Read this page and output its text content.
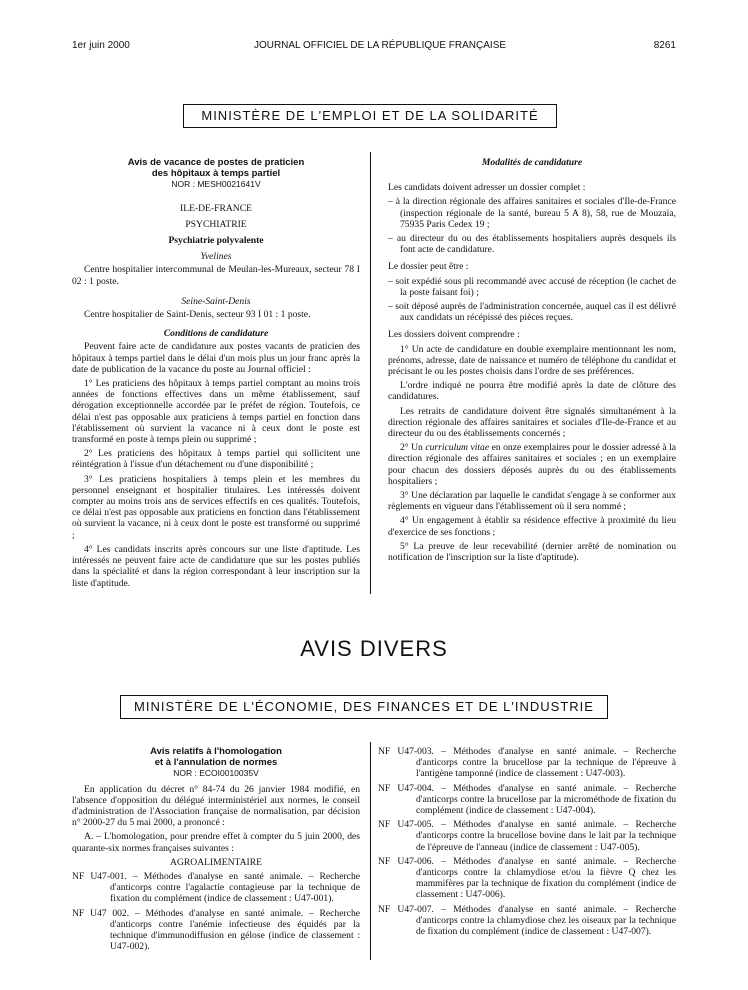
1er juin 2000	JOURNAL OFFICIEL DE LA RÉPUBLIQUE FRANÇAISE	8261
MINISTÈRE DE L'EMPLOI ET DE LA SOLIDARITÉ
Avis de vacance de postes de praticien
des hôpitaux à temps partiel
NOR : MESH0021641V
ILE-DE-FRANCE
PSYCHIATRIE
Psychiatrie polyvalente
Yvelines

Centre hospitalier intercommunal de Meulan-les-Mureaux, secteur 78 I 02 : 1 poste.

Seine-Saint-Denis

Centre hospitalier de Saint-Denis, secteur 93 I 01 : 1 poste.

Conditions de candidature

Peuvent faire acte de candidature aux postes vacants de praticien des hôpitaux à temps partiel dans le délai d'un mois plus un jour franc après la date de publication de la vacance du poste au Journal officiel :

1° Les praticiens des hôpitaux à temps partiel comptant au moins trois années de fonctions effectives dans un même établissement, sauf dérogation exceptionnelle accordée par le préfet de région. Toutefois, ce délai n'est pas opposable aux praticiens à temps partiel en fonction dans l'établissement où survient la vacance ni à ceux dont le poste est transformé en poste à temps plein ou supprimé ;

2° Les praticiens des hôpitaux à temps partiel qui sollicitent une réintégration à l'issue d'un détachement ou d'une disponibilité ;

3° Les praticiens hospitaliers à temps plein et les membres du personnel enseignant et hospitalier titulaires. Les intéressés doivent compter au moins trois ans de services effectifs en ces qualités. Toutefois, ce délai n'est pas opposable aux praticiens en fonction dans l'établissement où survient la vacance, ni à ceux dont le poste est transformé ou supprimé ;

4° Les candidats inscrits après concours sur une liste d'aptitude. Les intéressés ne peuvent faire acte de candidature que sur les postes publiés dans la spécialité et dans la région correspondant à leur inscription sur la liste d'aptitude.

Modalités de candidature

Les candidats doivent adresser un dossier complet :

– à la direction régionale des affaires sanitaires et sociales d'Ile-de-France (inspection régionale de la santé, bureau 5 A 8), 58, rue de Mouzaïa, 75935 Paris Cedex 19 ;

– au directeur du ou des établissements hospitaliers auprès desquels ils font acte de candidature.

Le dossier peut être :

– soit expédié sous pli recommandé avec accusé de réception (le cachet de la poste faisant foi) ;

– soit déposé auprès de l'administration concernée, auquel cas il est délivré aux candidats un récépissé des pièces reçues.

Les dossiers doivent comprendre :

1° Un acte de candidature en double exemplaire mentionnant les nom, prénoms, adresse, date de naissance et numéro de téléphone du candidat et précisant le ou les postes choisis dans l'ordre de ses préférences.

L'ordre indiqué ne pourra être modifié après la date de clôture des candidatures.

Les retraits de candidature doivent être signalés simultanément à la direction régionale des affaires sanitaires et sociales d'Ile-de-France et au directeur du ou des établissements concernés ;

2° Un curriculum vitae en onze exemplaires pour le dossier adressé à la direction régionale des affaires sanitaires et sociales ; en un exemplaire pour chacun des dossiers déposés auprès du ou des établissements hospitaliers ;

3° Une déclaration par laquelle le candidat s'engage à se conformer aux règlements en vigueur dans l'établissement où il sera nommé ;

4° Un engagement à établir sa résidence effective à proximité du lieu d'exercice de ses fonctions ;

5° La preuve de leur recevabilité (dernier arrêté de nomination ou notification de l'inscription sur la liste d'aptitude).

AVIS DIVERS
MINISTÈRE DE L'ÉCONOMIE, DES FINANCES ET DE L'INDUSTRIE
Avis relatifs à l'homologation
et à l'annulation de normes
NOR : ECOI0010035V

En application du décret n° 84-74 du 26 janvier 1984 modifié, en l'absence d'opposition du délégué interministériel aux normes, le conseil d'administration de l'Association française de normalisation, par décision n° 2000-27 du 5 mai 2000, a prononcé :

A. – L'homologation, pour prendre effet à compter du 5 juin 2000, des quarante-six normes françaises suivantes :

AGROALIMENTAIRE

NF U47-001. – Méthodes d'analyse en santé animale. – Recherche d'anticorps contre l'agalactie contagieuse par la technique de fixation du complément (indice de classement : U47-001).

NF U47 002. – Méthodes d'analyse en santé animale. – Recherche d'anticorps contre l'anémie infectieuse des équidés par la technique d'immunodiffusion en gélose (indice de classement : U47-002).

NF U47-003. – Méthodes d'analyse en santé animale. – Recherche d'anticorps contre la brucellose par la technique de l'épreuve à l'antigène tamponné (indice de classement : U47-003).

NF U47-004. – Méthodes d'analyse en santé animale. – Recherche d'anticorps contre la brucellose par la microméthode de fixation du complément (indice de classement : U47-004).

NF U47-005. – Méthodes d'analyse en santé animale. – Recherche d'anticorps contre la brucellose bovine dans le lait par la technique de l'épreuve de l'anneau (indice de classement : U47-005).

NF U47-006. – Méthodes d'analyse en santé animale. – Recherche d'anticorps contre la chlamydiose et/ou la fièvre Q chez les mammifères par la technique de fixation du complément (indice de classement : U47-006).

NF U47-007. – Méthodes d'analyse en santé animale. – Recherche d'anticorps contre la chlamydiose chez les oiseaux par la technique de fixation du complément (indice de classement : U47-007).
